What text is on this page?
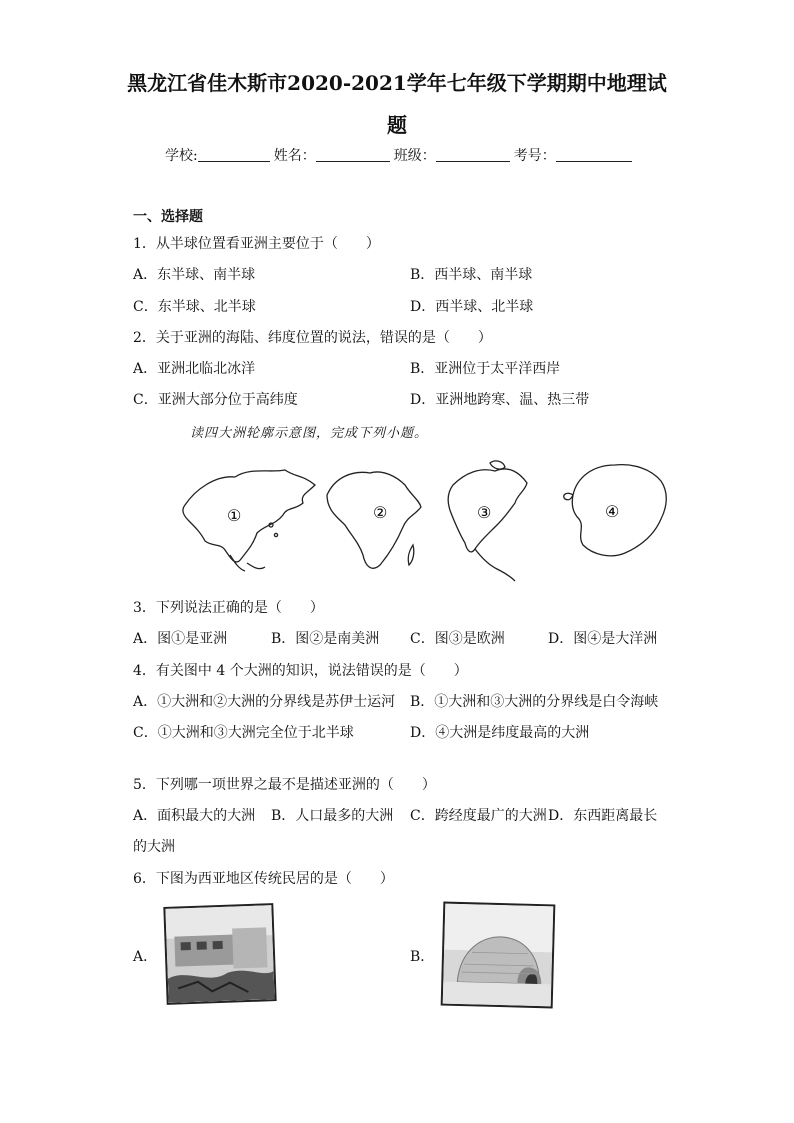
黑龙江省佳木斯市2020-2021学年七年级下学期期中地理试
题
学校:	姓名：	班级：	考号：
一、选择题
1．从半球位置看亚洲主要位于（　　）
A．东半球、南半球	B．西半球、南半球
C．东半球、北半球	D．西半球、北半球
2．关于亚洲的海陆、纬度位置的说法，错误的是（　　）
A．亚洲北临北冰洋	B．亚洲位于太平洋西岸
C．亚洲大部分位于高纬度	D．亚洲地跨寒、温、热三带
读四大洲轮廓示意图，完成下列小题。
①	②	③	④
3．下列说法正确的是（　　）
A．图①是亚洲	B．图②是南美洲 C．图③是欧洲	D．图④是大洋洲
4．有关图中 4 个大洲的知识，说法错误的是（　　）
A．①大洲和②大洲的分界线是苏伊士运河 B．①大洲和③大洲的分界线是白令海峡
C．①大洲和③大洲完全位于北半球	D．④大洲是纬度最高的大洲
5．下列哪一项世界之最不是描述亚洲的（　　）
A．面积最大的大洲 B．人口最多的大洲 C．跨经度最广的大洲 D．东西距离最长
的大洲
6．下图为西亚地区传统民居的是（　　）
A．	B．
